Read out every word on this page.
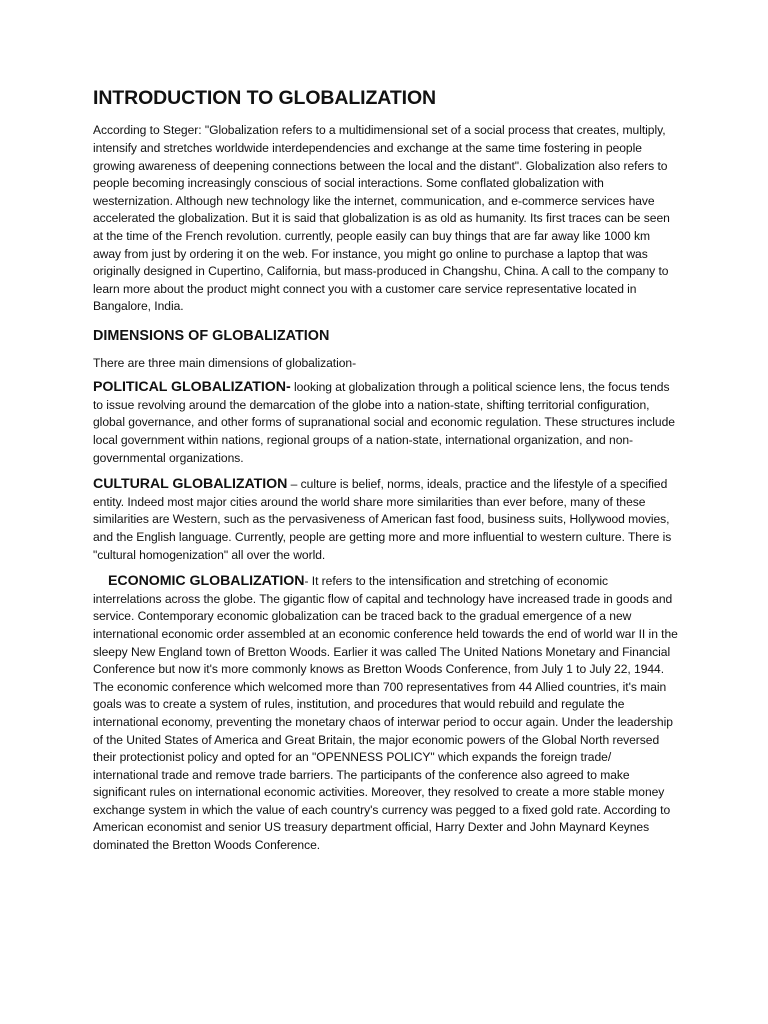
INTRODUCTION TO GLOBALIZATION

According to Steger: "Globalization refers to a multidimensional set of a social process that creates, multiply, intensify and stretches worldwide interdependencies and exchange at the same time fostering in people growing awareness of deepening connections between the local and the distant". Globalization also refers to people becoming increasingly conscious of social interactions. Some conflated globalization with westernization. Although new technology like the internet, communication, and e-commerce services have accelerated the globalization. But it is said that globalization is as old as humanity. Its first traces can be seen at the time of the French revolution. currently, people easily can buy things that are far away like 1000 km away from just by ordering it on the web. For instance, you might go online to purchase a laptop that was originally designed in Cupertino, California, but mass-produced in Changshu, China. A call to the company to learn more about the product might connect you with a customer care service representative located in Bangalore, India.

DIMENSIONS OF GLOBALIZATION

There are three main dimensions of globalization-

POLITICAL GLOBALIZATION- looking at globalization through a political science lens, the focus tends to issue revolving around the demarcation of the globe into a nation-state, shifting territorial configuration, global governance, and other forms of supranational social and economic regulation. These structures include local government within nations, regional groups of a nation-state, international organization, and non-governmental organizations.

CULTURAL GLOBALIZATION – culture is belief, norms, ideals, practice and the lifestyle of a specified entity. Indeed most major cities around the world share more similarities than ever before, many of these similarities are Western, such as the pervasiveness of American fast food, business suits, Hollywood movies, and the English language. Currently, people are getting more and more influential to western culture. There is "cultural homogenization" all over the world.

ECONOMIC GLOBALIZATION- It refers to the intensification and stretching of economic interrelations across the globe. The gigantic flow of capital and technology have increased trade in goods and service. Contemporary economic globalization can be traced back to the gradual emergence of a new international economic order assembled at an economic conference held towards the end of world war II in the sleepy New England town of Bretton Woods. Earlier it was called The United Nations Monetary and Financial Conference but now it's more commonly knows as Bretton Woods Conference, from July 1 to July 22, 1944. The economic conference which welcomed more than 700 representatives from 44 Allied countries, it's main goals was to create a system of rules, institution, and procedures that would rebuild and regulate the international economy, preventing the monetary chaos of interwar period to occur again. Under the leadership of the United States of America and Great Britain, the major economic powers of the Global North reversed their protectionist policy and opted for an "OPENNESS POLICY" which expands the foreign trade/ international trade and remove trade barriers. The participants of the conference also agreed to make significant rules on international economic activities. Moreover, they resolved to create a more stable money exchange system in which the value of each country's currency was pegged to a fixed gold rate. According to American economist and senior US treasury department official, Harry Dexter and John Maynard Keynes dominated the Bretton Woods Conference.
